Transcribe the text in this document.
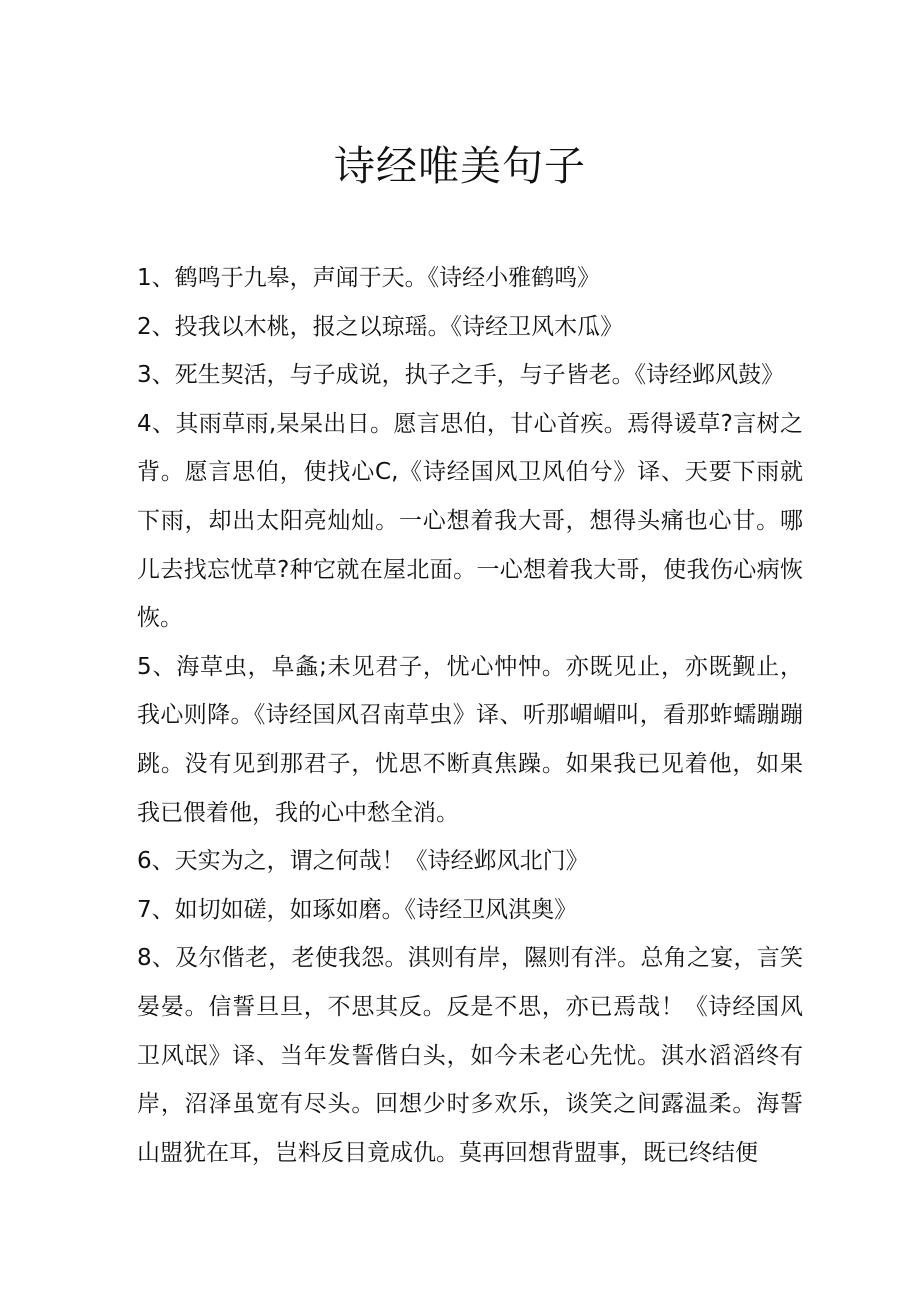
诗经唯美句子

1、鹤鸣于九皋，声闻于天。《诗经小雅鹤鸣》

2、投我以木桃，报之以琼瑶。《诗经卫风木瓜》

3、死生契活，与子成说，执子之手，与子皆老。《诗经邺风鼓》

4、其雨草雨,杲杲出日。愿言思伯，甘心首疾。焉得谖草?言树之背。愿言思伯，使找心C,《诗经国风卫风伯兮》译、天要下雨就下雨，却出太阳亮灿灿。一心想着我大哥，想得头痛也心甘。哪儿去找忘忧草?种它就在屋北面。一心想着我大哥，使我伤心病恢恢。

5、海草虫，阜螽;未见君子，忧心忡忡。亦既见止，亦既觐止，我心则降。《诗经国风召南草虫》译、听那嵋嵋叫，看那蚱蠕蹦蹦跳。没有见到那君子，忧思不断真焦躁。如果我已见着他，如果我已偎着他，我的心中愁全消。

6、天实为之，谓之何哉！《诗经邺风北门》

7、如切如磋，如琢如磨。《诗经卫风淇奥》

8、及尔偕老，老使我怨。淇则有岸，隰则有泮。总角之宴，言笑晏晏。信誓旦旦，不思其反。反是不思，亦已焉哉！《诗经国风卫风氓》译、当年发誓偕白头，如今未老心先忧。淇水滔滔终有岸，沼泽虽宽有尽头。回想少时多欢乐，谈笑之间露温柔。海誓山盟犹在耳，岂料反目竟成仇。莫再回想背盟事，既已终结便
